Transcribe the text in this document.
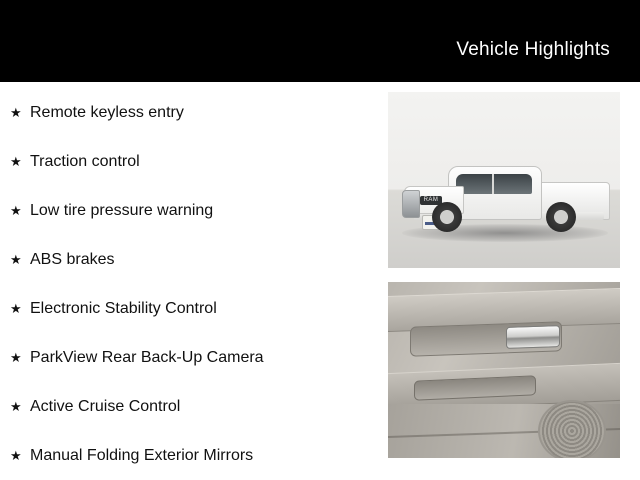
Vehicle Highlights
★ Remote keyless entry
★ Traction control
★ Low tire pressure warning
★ ABS brakes
★ Electronic Stability Control
★ ParkView Rear Back-Up Camera
★ Active Cruise Control
★ Manual Folding Exterior Mirrors
RAM
